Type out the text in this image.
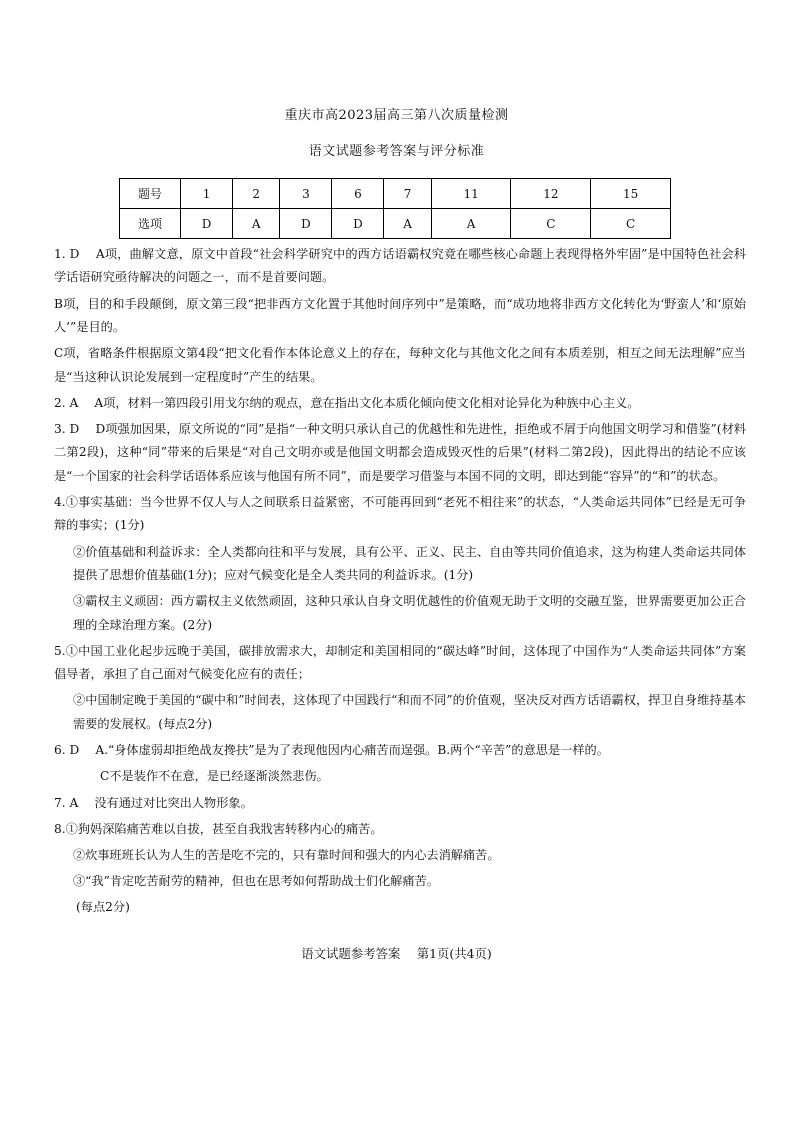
重庆市高2023届高三第八次质量检测
语文试题参考答案与评分标准
题号	1	2	3	6	7	11	12	15
选项	D	A	D	D	A	A	C	C

1. D　 A项，曲解文意，原文中首段“社会科学研究中的西方话语霸权究竟在哪些核心命题上表现得格外牢固”是中国特色社会科学话语研究亟待解决的问题之一，而不是首要问题。

B项，目的和手段颠倒，原文第三段“把非西方文化置于其他时间序列中”是策略，而“成功地将非西方文化转化为‘野蛮人’和‘原始人’”是目的。

C项，省略条件根据原文第4段“把文化看作本体论意义上的存在，每种文化与其他文化之间有本质差别，相互之间无法理解”应当是“当这种认识论发展到一定程度时”产生的结果。

2. A　 A项，材料一第四段引用戈尔纳的观点，意在指出文化本质化倾向使文化相对论异化为种族中心主义。

3. D　 D项强加因果，原文所说的“同”是指“一种文明只承认自己的优越性和先进性，拒绝或不屑于向他国文明学习和借鉴”(材料二第2段)，这种“同”带来的后果是“对自己文明亦或是他国文明都会造成毁灭性的后果”(材料二第2段)，因此得出的结论不应该是“一个国家的社会科学话语体系应该与他国有所不同”，而是要学习借鉴与本国不同的文明，即达到能“容异”的“和”的状态。

4.①事实基础：当今世界不仅人与人之间联系日益紧密，不可能再回到“老死不相往来”的状态，“人类命运共同体”已经是无可争辩的事实；(1分)

②价值基础和利益诉求：全人类都向往和平与发展，具有公平、正义、民主、自由等共同价值追求，这为构建人类命运共同体提供了思想价值基础(1分)；应对气候变化是全人类共同的利益诉求。(1分)

③霸权主义顽固：西方霸权主义依然顽固，这种只承认自身文明优越性的价值观无助于文明的交融互鉴，世界需要更加公正合理的全球治理方案。(2分)

5.①中国工业化起步远晚于美国，碳排放需求大，却制定和美国相同的“碳达峰”时间，这体现了中国作为“人类命运共同体”方案倡导者，承担了自己面对气候变化应有的责任；

②中国制定晚于美国的“碳中和”时间表，这体现了中国践行“和而不同”的价值观，坚决反对西方话语霸权，捍卫自身维持基本需要的发展权。(每点2分)

6. D　 A.“身体虚弱却拒绝战友搀扶”是为了表现他因内心痛苦而逞强。B.两个“辛苦”的意思是一样的。

C不是装作不在意，是已经逐渐淡然悲伤。

7. A　 没有通过对比突出人物形象。

8.①狗妈深陷痛苦难以自拔，甚至自我戕害转移内心的痛苦。

②炊事班班长认为人生的苦是吃不完的，只有靠时间和强大的内心去消解痛苦。

③“我”肯定吃苦耐劳的精神，但也在思考如何帮助战士们化解痛苦。

(每点2分)

语文试题参考答案　 第1页(共4页)
